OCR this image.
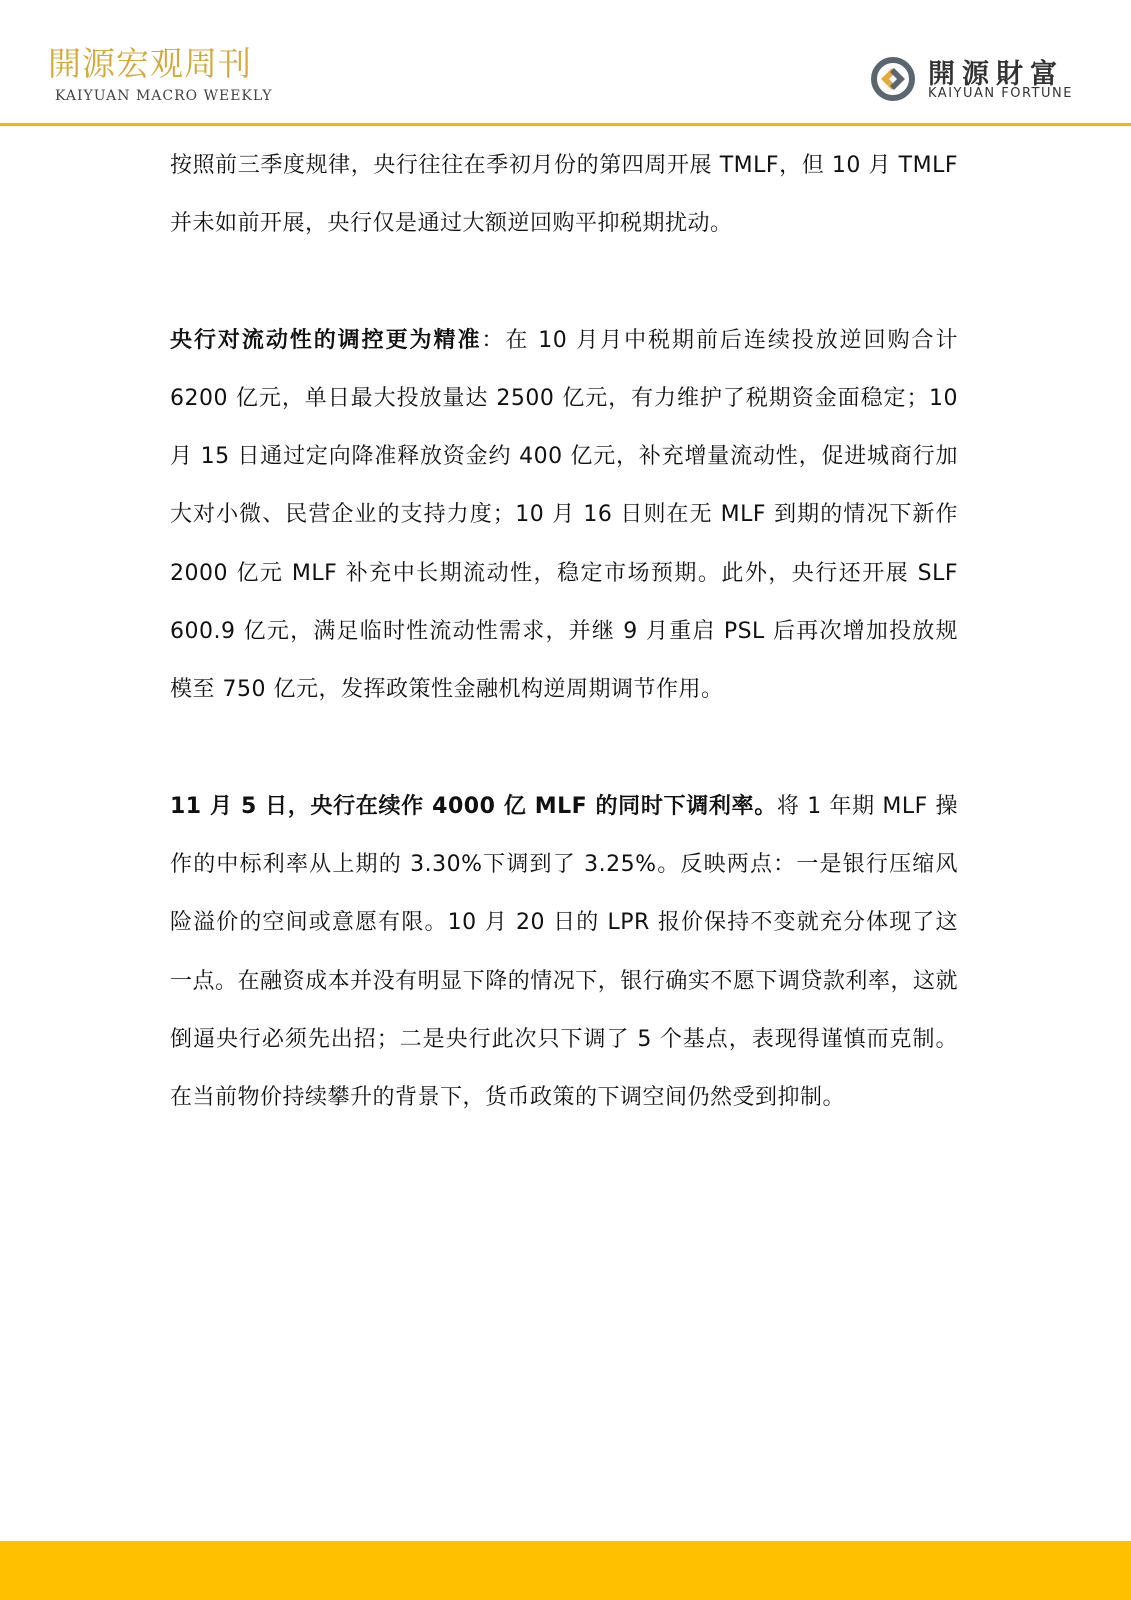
開源宏观周刊
KAIYUAN MACRO WEEKLY
開源財富
KAIYUAN FORTUNE

按照前三季度规律，央行往往在季初月份的第四周开展 TMLF，但 10 月 TMLF 并未如前开展，央行仅是通过大额逆回购平抑税期扰动。

央行对流动性的调控更为精准：在 10 月月中税期前后连续投放逆回购合计 6200 亿元，单日最大投放量达 2500 亿元，有力维护了税期资金面稳定；10 月 15 日通过定向降准释放资金约 400 亿元，补充增量流动性，促进城商行加大对小微、民营企业的支持力度；10 月 16 日则在无 MLF 到期的情况下新作 2000 亿元 MLF 补充中长期流动性，稳定市场预期。此外，央行还开展 SLF 600.9 亿元，满足临时性流动性需求，并继 9 月重启 PSL 后再次增加投放规模至 750 亿元，发挥政策性金融机构逆周期调节作用。

11 月 5 日，央行在续作 4000 亿 MLF 的同时下调利率。将 1 年期 MLF 操作的中标利率从上期的 3.30%下调到了 3.25%。反映两点：一是银行压缩风险溢价的空间或意愿有限。10 月 20 日的 LPR 报价保持不变就充分体现了这一点。在融资成本并没有明显下降的情况下，银行确实不愿下调贷款利率，这就倒逼央行必须先出招；二是央行此次只下调了 5 个基点，表现得谨慎而克制。在当前物价持续攀升的背景下，货币政策的下调空间仍然受到抑制。
